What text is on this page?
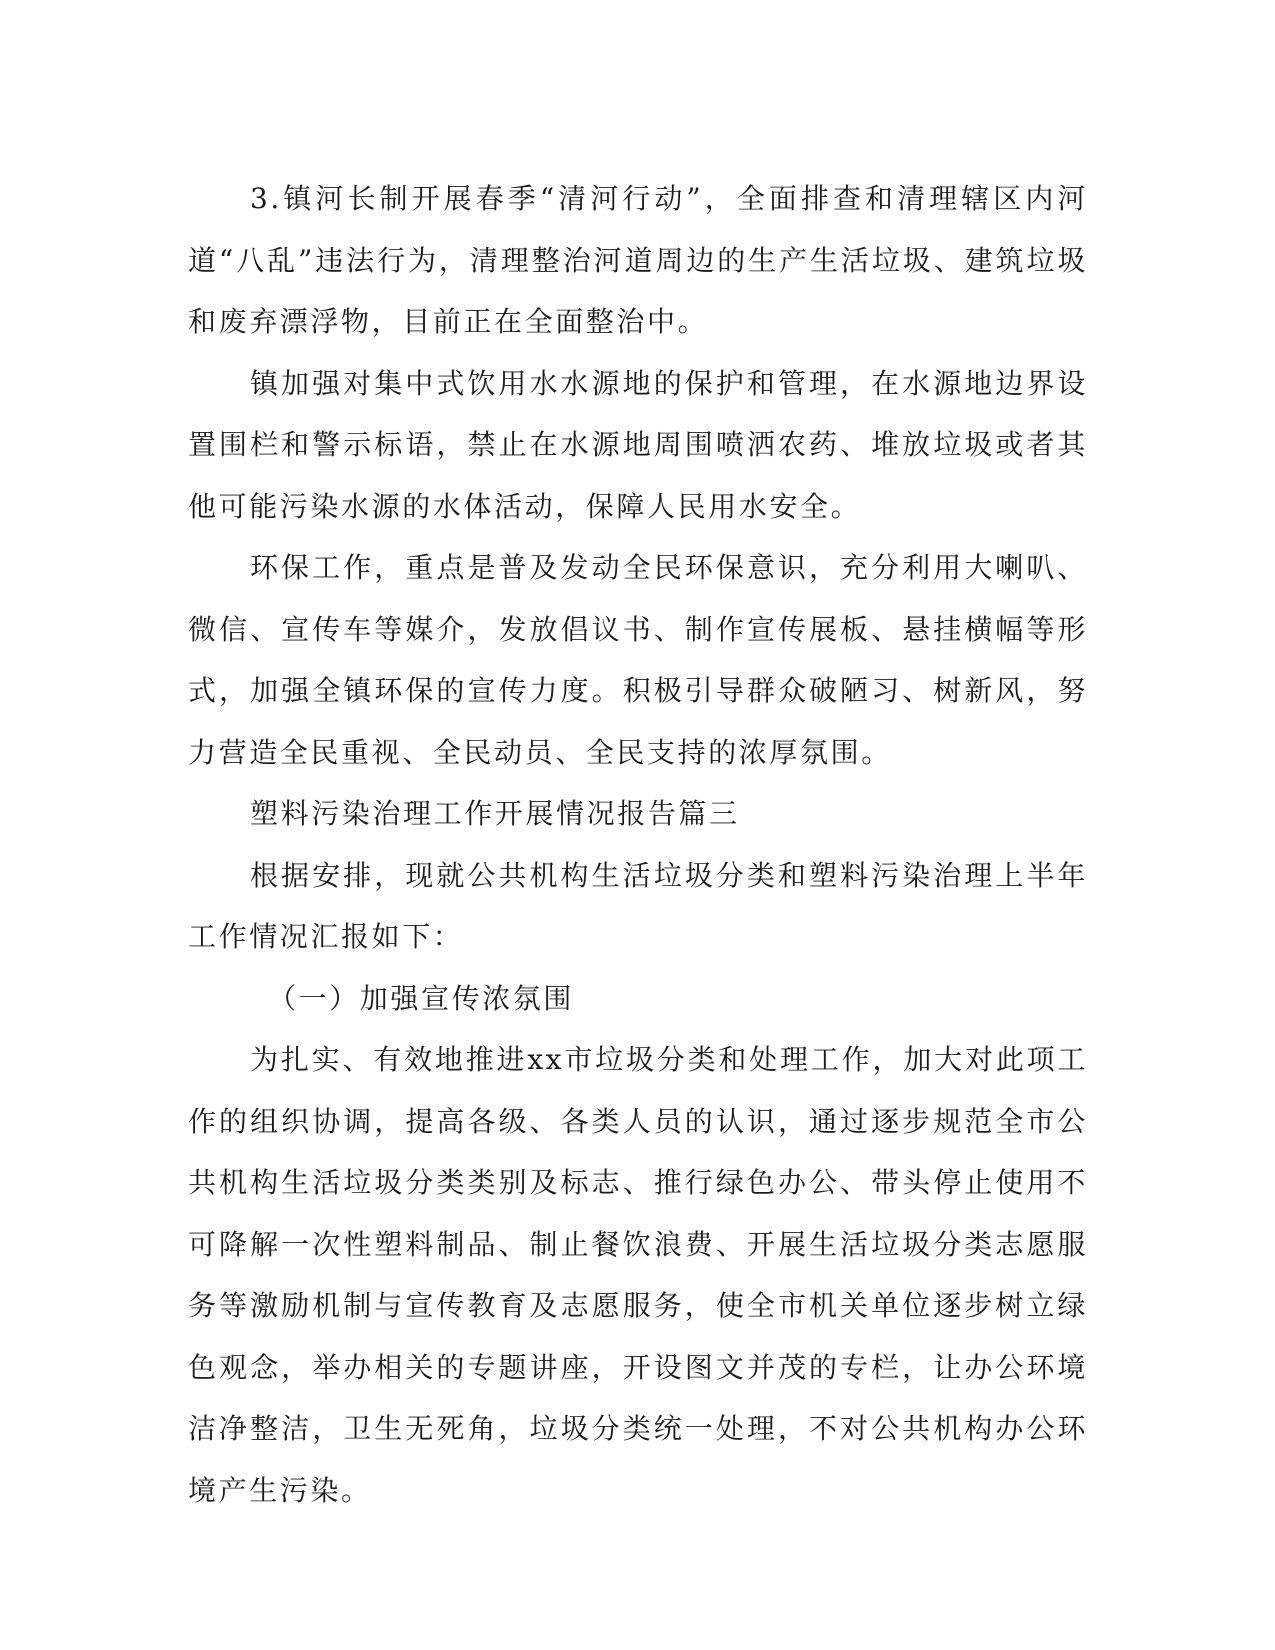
3.镇河长制开展春季“清河行动”，全面排查和清理辖区内河道“八乱”违法行为，清理整治河道周边的生产生活垃圾、建筑垃圾和废弃漂浮物，目前正在全面整治中。

镇加强对集中式饮用水水源地的保护和管理，在水源地边界设置围栏和警示标语，禁止在水源地周围喷洒农药、堆放垃圾或者其他可能污染水源的水体活动，保障人民用水安全。

环保工作，重点是普及发动全民环保意识，充分利用大喇叭、微信、宣传车等媒介，发放倡议书、制作宣传展板、悬挂横幅等形式，加强全镇环保的宣传力度。积极引导群众破陋习、树新风，努力营造全民重视、全民动员、全民支持的浓厚氛围。

塑料污染治理工作开展情况报告篇三

根据安排，现就公共机构生活垃圾分类和塑料污染治理上半年工作情况汇报如下：

（一）加强宣传浓氛围

为扎实、有效地推进xx市垃圾分类和处理工作，加大对此项工作的组织协调，提高各级、各类人员的认识，通过逐步规范全市公共机构生活垃圾分类类别及标志、推行绿色办公、带头停止使用不可降解一次性塑料制品、制止餐饮浪费、开展生活垃圾分类志愿服务等激励机制与宣传教育及志愿服务，使全市机关单位逐步树立绿色观念，举办相关的专题讲座，开设图文并茂的专栏，让办公环境洁净整洁，卫生无死角，垃圾分类统一处理，不对公共机构办公环境产生污染。
